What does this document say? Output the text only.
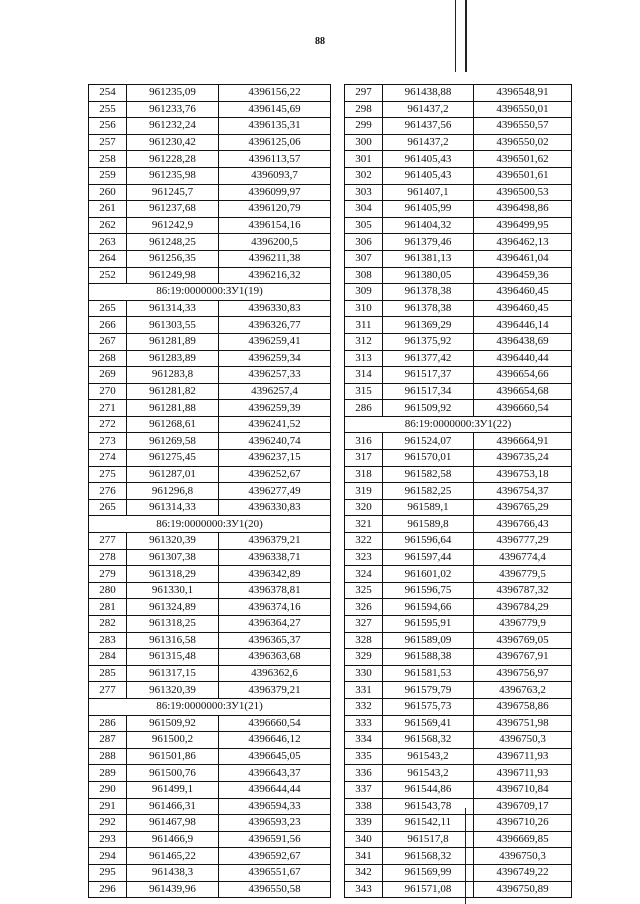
88
254	961235,09	4396156,22
255	961233,76	4396145,69
256	961232,24	4396135,31
257	961230,42	4396125,06
258	961228,28	4396113,57
259	961235,98	4396093,7
260	961245,7	4396099,97
261	961237,68	4396120,79
262	961242,9	4396154,16
263	961248,25	4396200,5
264	961256,35	4396211,38
252	961249,98	4396216,32
86:19:0000000:ЗУ1(19)		
265	961314,33	4396330,83
266	961303,55	4396326,77
267	961281,89	4396259,41
268	961283,89	4396259,34
269	961283,8	4396257,33
270	961281,82	4396257,4
271	961281,88	4396259,39
272	961268,61	4396241,52
273	961269,58	4396240,74
274	961275,45	4396237,15
275	961287,01	4396252,67
276	961296,8	4396277,49
265	961314,33	4396330,83
86:19:0000000:ЗУ1(20)		
277	961320,39	4396379,21
278	961307,38	4396338,71
279	961318,29	4396342,89
280	961330,1	4396378,81
281	961324,89	4396374,16
282	961318,25	4396364,27
283	961316,58	4396365,37
284	961315,48	4396363,68
285	961317,15	4396362,6
277	961320,39	4396379,21
86:19:0000000:ЗУ1(21)		
286	961509,92	4396660,54
287	961500,2	4396646,12
288	961501,86	4396645,05
289	961500,76	4396643,37
290	961499,1	4396644,44
291	961466,31	4396594,33
292	961467,98	4396593,23
293	961466,9	4396591,56
294	961465,22	4396592,67
295	961438,3	4396551,67
296	961439,96	4396550,58
297	961438,88	4396548,91
298	961437,2	4396550,01
299	961437,56	4396550,57
300	961437,2	4396550,02
301	961405,43	4396501,62
302	961405,43	4396501,61
303	961407,1	4396500,53
304	961405,99	4396498,86
305	961404,32	4396499,95
306	961379,46	4396462,13
307	961381,13	4396461,04
308	961380,05	4396459,36
309	961378,38	4396460,45
310	961378,38	4396460,45
311	961369,29	4396446,14
312	961375,92	4396438,69
313	961377,42	4396440,44
314	961517,37	4396654,66
315	961517,34	4396654,68
286	961509,92	4396660,54
86:19:0000000:ЗУ1(22)		
316	961524,07	4396664,91
317	961570,01	4396735,24
318	961582,58	4396753,18
319	961582,25	4396754,37
320	961589,1	4396765,29
321	961589,8	4396766,43
322	961596,64	4396777,29
323	961597,44	4396774,4
324	961601,02	4396779,5
325	961596,75	4396787,32
326	961594,66	4396784,29
327	961595,91	4396779,9
328	961589,09	4396769,05
329	961588,38	4396767,91
330	961581,53	4396756,97
331	961579,79	4396763,2
332	961575,73	4396758,86
333	961569,41	4396751,98
334	961568,32	4396750,3
335	961543,2	4396711,93
336	961543,2	4396711,93
337	961544,86	4396710,84
338	961543,78	4396709,17
339	961542,11	4396710,26
340	961517,8	4396669,85
341	961568,32	4396750,3
342	961569,99	4396749,22
343	961571,08	4396750,89
